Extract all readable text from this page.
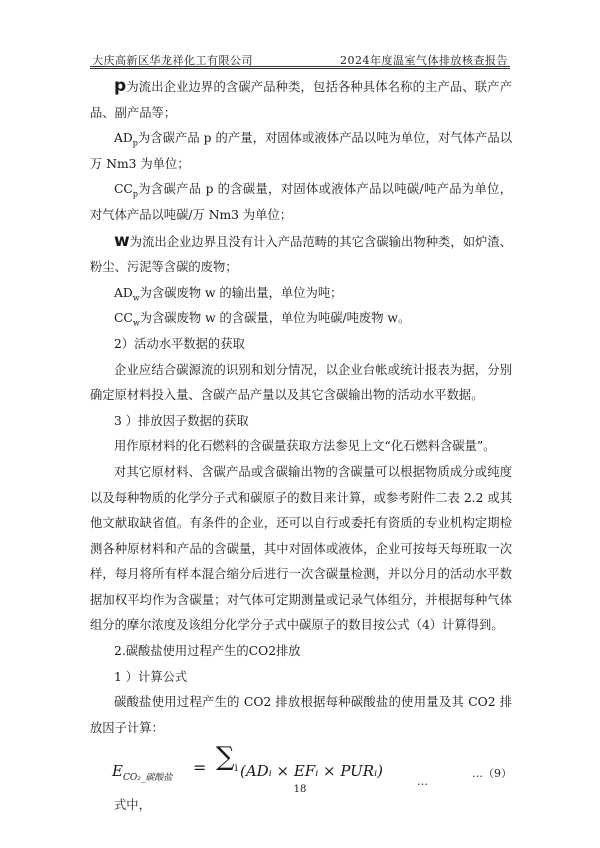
大庆高新区华龙祥化工有限公司	2024年度温室气体排放核查报告

p为流出企业边界的含碳产品种类，包括各种具体名称的主产品、联产产品、副产品等；

$AD_p$为含碳产品 p 的产量，对固体或液体产品以吨为单位，对气体产品以万 Nm3 为单位；

$CC_p$为含碳产品 p 的含碳量，对固体或液体产品以吨碳/吨产品为单位，对气体产品以吨碳/万 Nm3 为单位；

w为流出企业边界且没有计入产品范畴的其它含碳输出物种类，如炉渣、粉尘、污泥等含碳的废物；

$AD_w$为含碳废物 w 的输出量，单位为吨；

$CC_w$为含碳废物 w 的含碳量，单位为吨碳/吨废物 w。

2）活动水平数据的获取

企业应结合碳源流的识别和划分情况，以企业台帐或统计报表为据，分别确定原材料投入量、含碳产品产量以及其它含碳输出物的活动水平数据。

3 ）排放因子数据的获取

用作原材料的化石燃料的含碳量获取方法参见上文“化石燃料含碳量”。

对其它原材料、含碳产品或含碳输出物的含碳量可以根据物质成分或纯度以及每种物质的化学分子式和碳原子的数目来计算，或参考附件二表 2.2 或其他文献取缺省值。有条件的企业，还可以自行或委托有资质的专业机构定期检测各种原材料和产品的含碳量，其中对固体或液体，企业可按每天每班取一次样，每月将所有样本混合缩分后进行一次含碳量检测，并以分月的活动水平数据加权平均作为含碳量；对气体可定期测量或记录气体组分，并根据每种气体组分的摩尔浓度及该组分化学分子式中碳原子的数目按公式（4）计算得到。

2.碳酸盐使用过程产生的CO2排放

1 ）计算公式

碳酸盐使用过程产生的 CO2 排放根据每种碳酸盐的使用量及其 CO2 排放因子计算：

$E_{CO_2\_碳酸盐}$
= $\sum_i$ (ADᵢ × EFᵢ × PURᵢ)
…
…（9）

式中，

18
